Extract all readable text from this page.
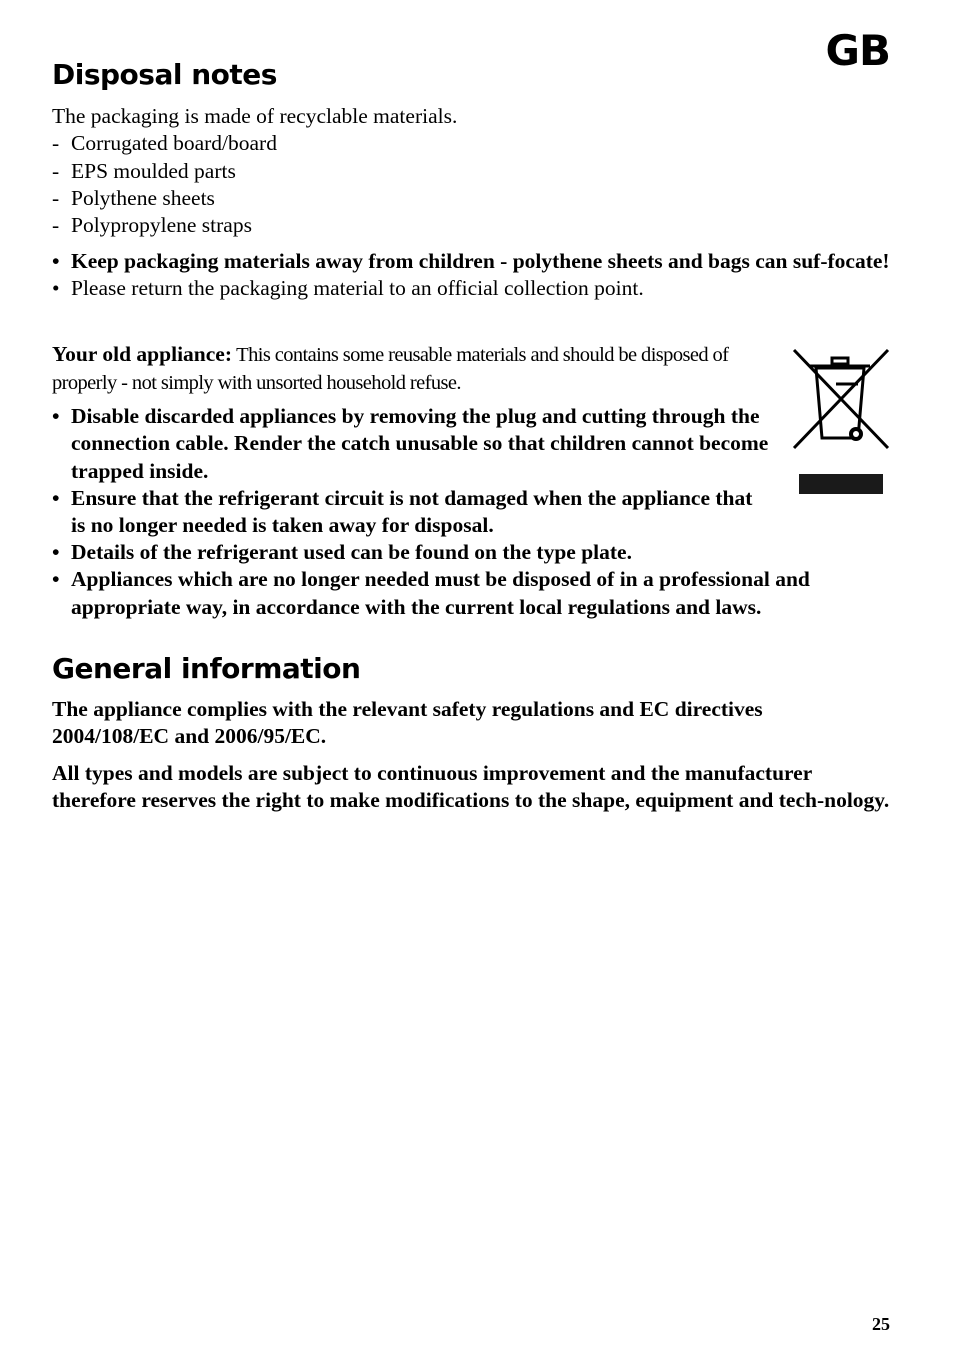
GB
Disposal notes

The packaging is made of recyclable materials.

- Corrugated board/board
- EPS moulded parts
- Polythene sheets
- Polypropylene straps
• Keep packaging materials away from children - polythene sheets and bags can suf-focate!
• Please return the packaging material to an official collection point.
Your old appliance: This contains some reusable materials and should be disposed of properly - not simply with unsorted household refuse.
• Disable discarded appliances by removing the plug and cutting through the connection cable. Render the catch unusable so that children cannot become trapped inside.
• Ensure that the refrigerant circuit is not damaged when the appliance that is no longer needed is taken away for disposal.
• Details of the refrigerant used can be found on the type plate.
• Appliances which are no longer needed must be disposed of in a professional and appropriate way, in accordance with the current local regulations and laws.
General information

The appliance complies with the relevant safety regulations and EC directives 2004/108/EC and 2006/95/EC.

All types and models are subject to continuous improvement and the manufacturer therefore reserves the right to make modifications to the shape, equipment and tech-nology.

25
